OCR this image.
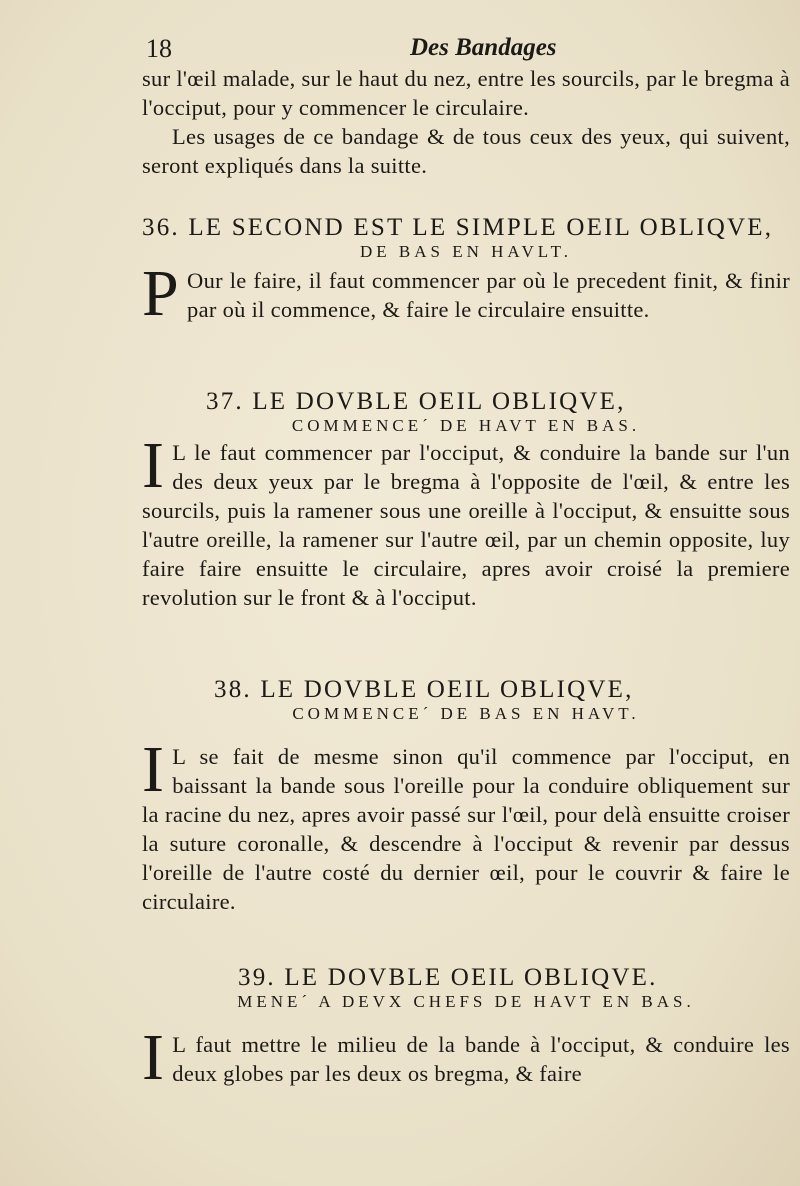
18	Des Bandages

sur l'œil malade, sur le haut du nez, entre les sourcils, par le bregma à l'occiput, pour y commencer le circulaire.

Les usages de ce bandage & de tous ceux des yeux, qui suivent, seront expliqués dans la suitte.

36. LE SECOND EST LE SIMPLE OEIL OBLIQVE,
DE BAS EN HAVLT.

P Our le faire, il faut commencer par où le precedent finit, & finir par où il commence, & faire le circulaire ensuitte.

37. LE DOVBLE OEIL OBLIQVE,
COMMENCE´ DE HAVT EN BAS.

I L le faut commencer par l'occiput, & conduire la bande sur l'un des deux yeux par le bregma à l'opposite de l'œil, & entre les sourcils, puis la ramener sous une oreille à l'occiput, & ensuitte sous l'autre oreille, la ramener sur l'autre œil, par un chemin opposite, luy faire faire ensuitte le circulaire, apres avoir croisé la premiere revolution sur le front & à l'occiput.

38. LE DOVBLE OEIL OBLIQVE,
COMMENCE´ DE BAS EN HAVT.

I L se fait de mesme sinon qu'il commence par l'occiput, en baissant la bande sous l'oreille pour la conduire obliquement sur la racine du nez, apres avoir passé sur l'œil, pour delà ensuitte croiser la suture coronalle, & descendre à l'occiput & revenir par dessus l'oreille de l'autre costé du dernier œil, pour le couvrir & faire le circulaire.

39. LE DOVBLE OEIL OBLIQVE.
MENE´ A DEVX CHEFS DE HAVT EN BAS.

I L faut mettre le milieu de la bande à l'occiput, & conduire les deux globes par les deux os bregma, & faire
